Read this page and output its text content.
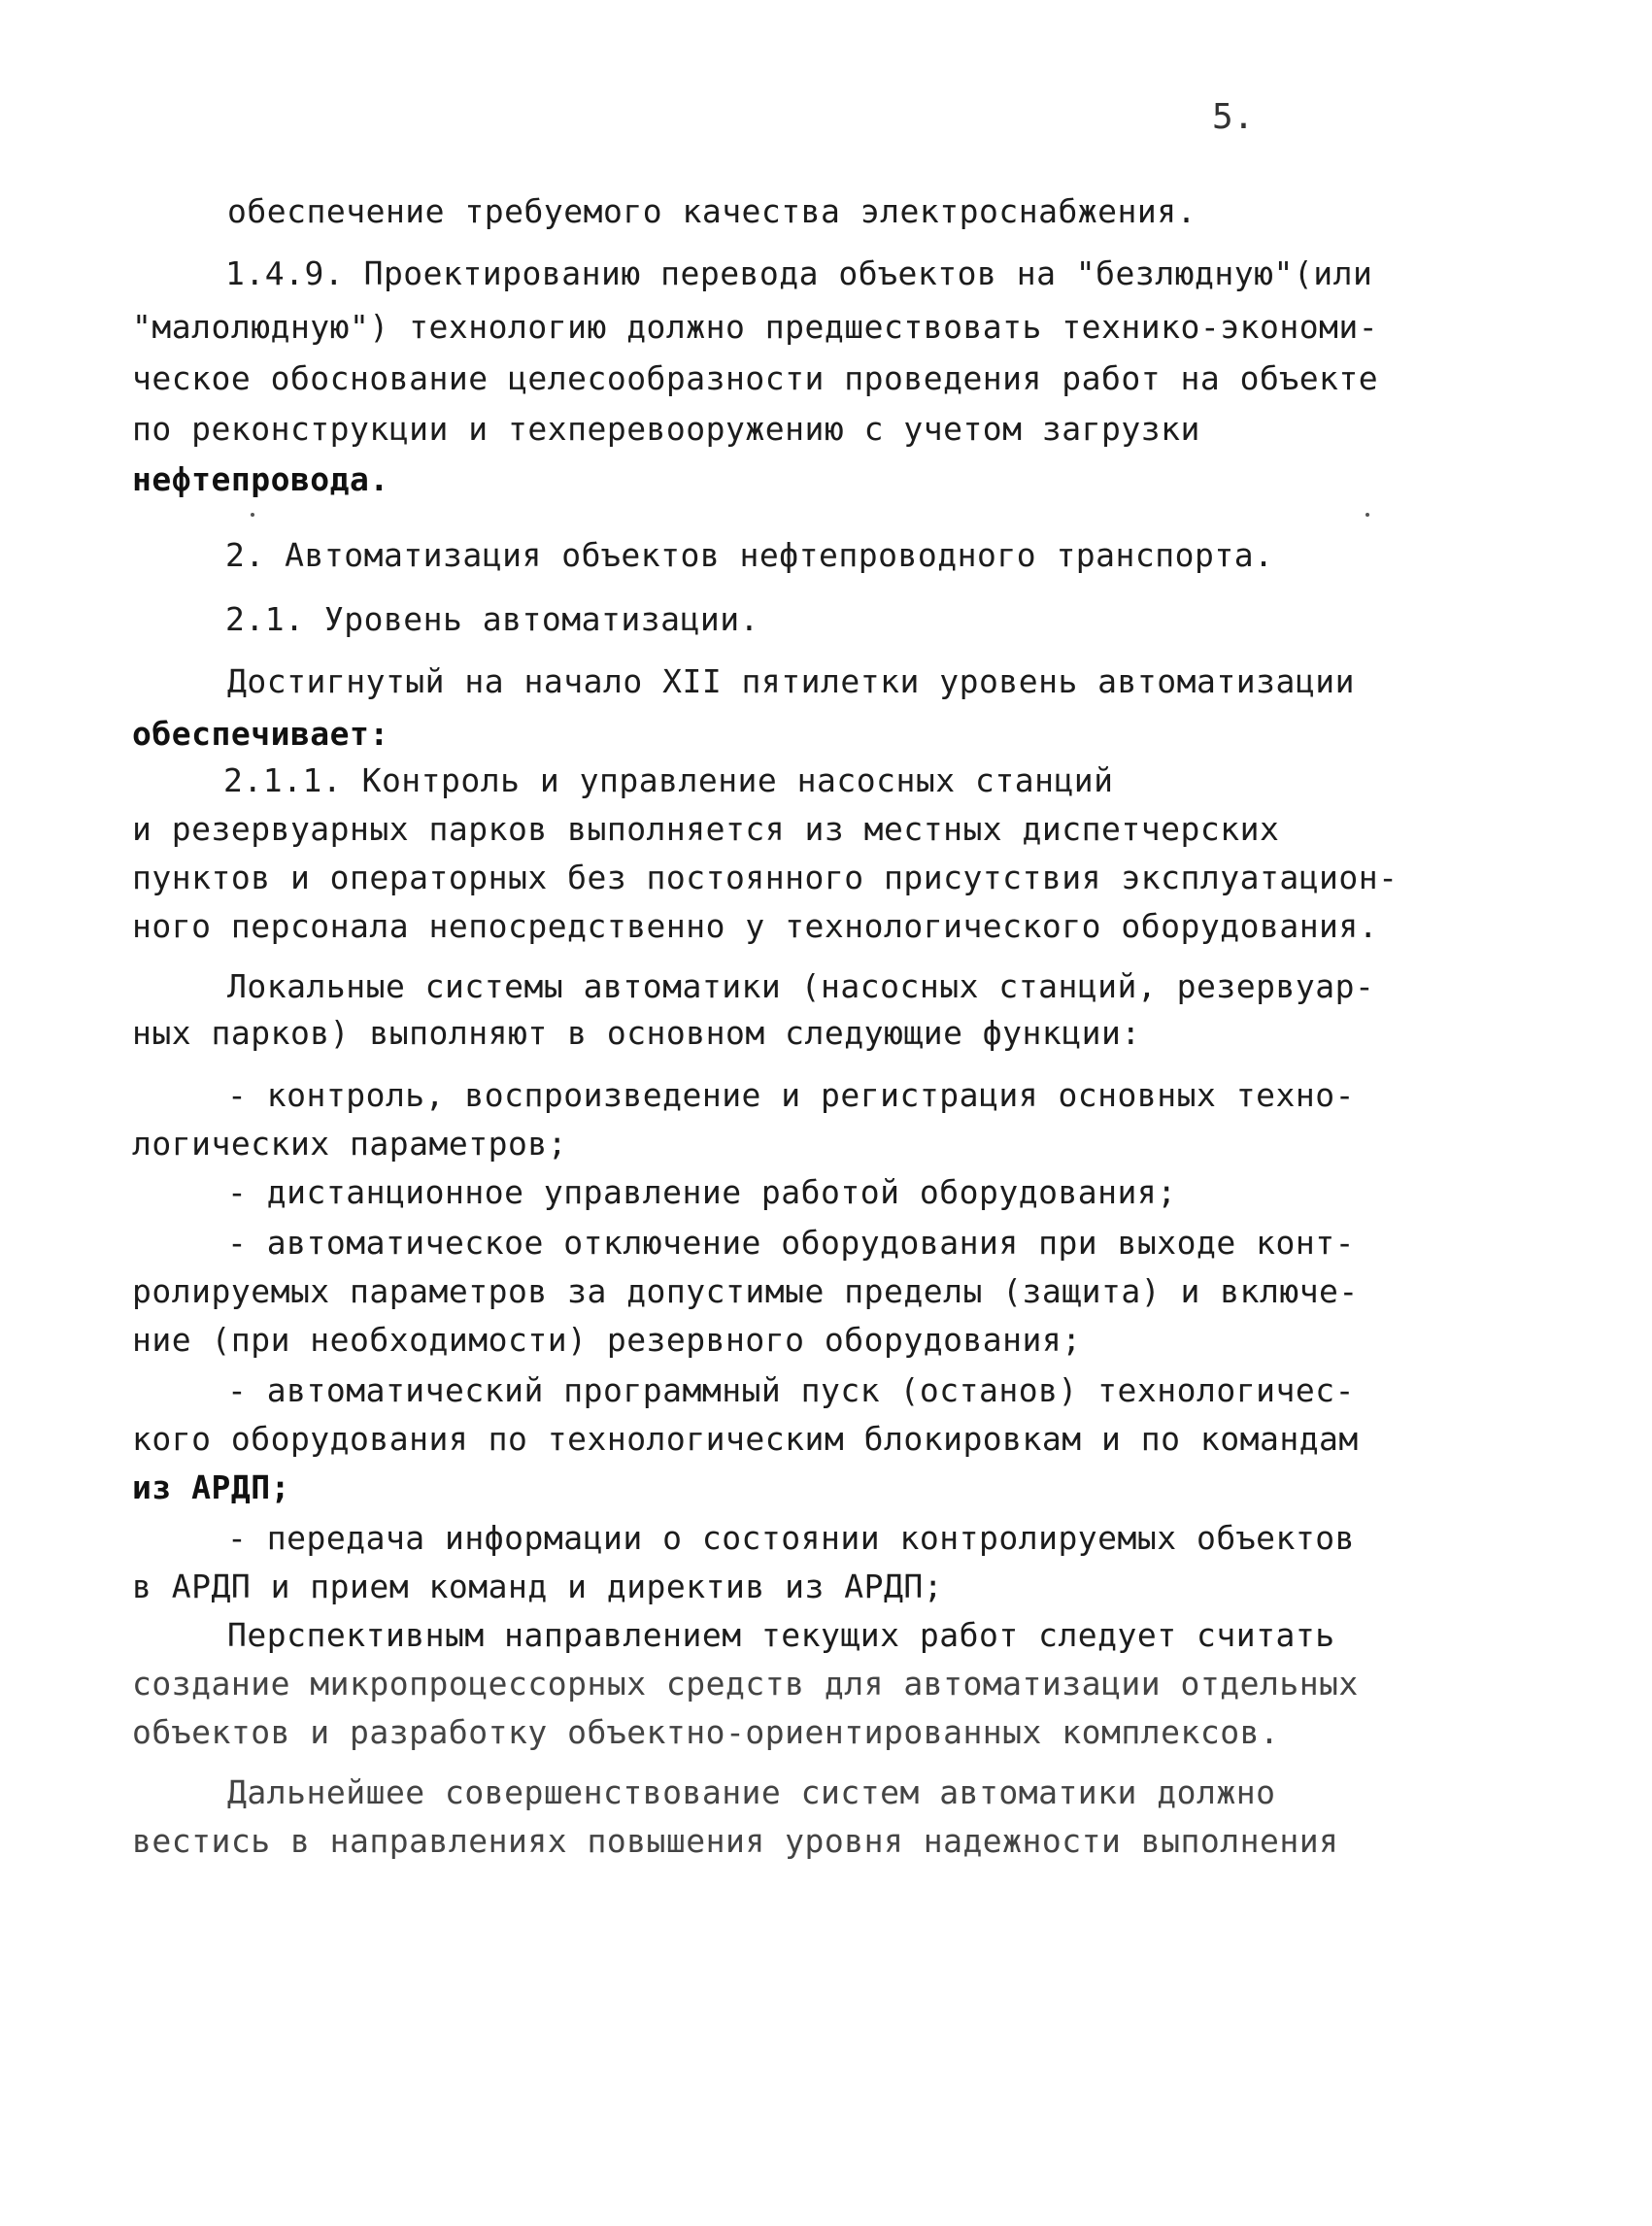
5.
обеспечение требуемого качества электроснабжения.
1.4.9. Проектированию перевода объектов на "безлюдную"(или
"малолюдную") технологию должно предшествовать технико-экономи-
ческое обоснование целесообразности проведения работ на объекте
по реконструкции и техперевооружению с учетом загрузки
нефтепровода.
2. Автоматизация объектов нефтепроводного транспорта.
2.1. Уровень автоматизации.
Достигнутый на начало XII пятилетки уровень автоматизации
обеспечивает:
2.1.1. Контроль и управление насосных станций
и резервуарных парков выполняется из местных диспетчерских
пунктов и операторных без постоянного присутствия эксплуатацион-
ного персонала непосредственно у технологического оборудования.
Локальные системы автоматики (насосных станций, резервуар-
ных парков) выполняют в основном следующие функции:
- контроль, воспроизведение и регистрация основных техно-
логических параметров;
- дистанционное управление работой оборудования;
- автоматическое отключение оборудования при выходе конт-
ролируемых параметров за допустимые пределы (защита) и включе-
ние (при необходимости) резервного оборудования;
- автоматический программный пуск (останов) технологичес-
кого оборудования по технологическим блокировкам и по командам
из АРДП;
- передача информации о состоянии контролируемых объектов
в АРДП и прием команд и директив из АРДП;
Перспективным направлением текущих работ следует считать
создание микропроцессорных средств для автоматизации отдельных
объектов и разработку объектно-ориентированных комплексов.
Дальнейшее совершенствование систем автоматики должно
вестись в направлениях повышения уровня надежности выполнения
